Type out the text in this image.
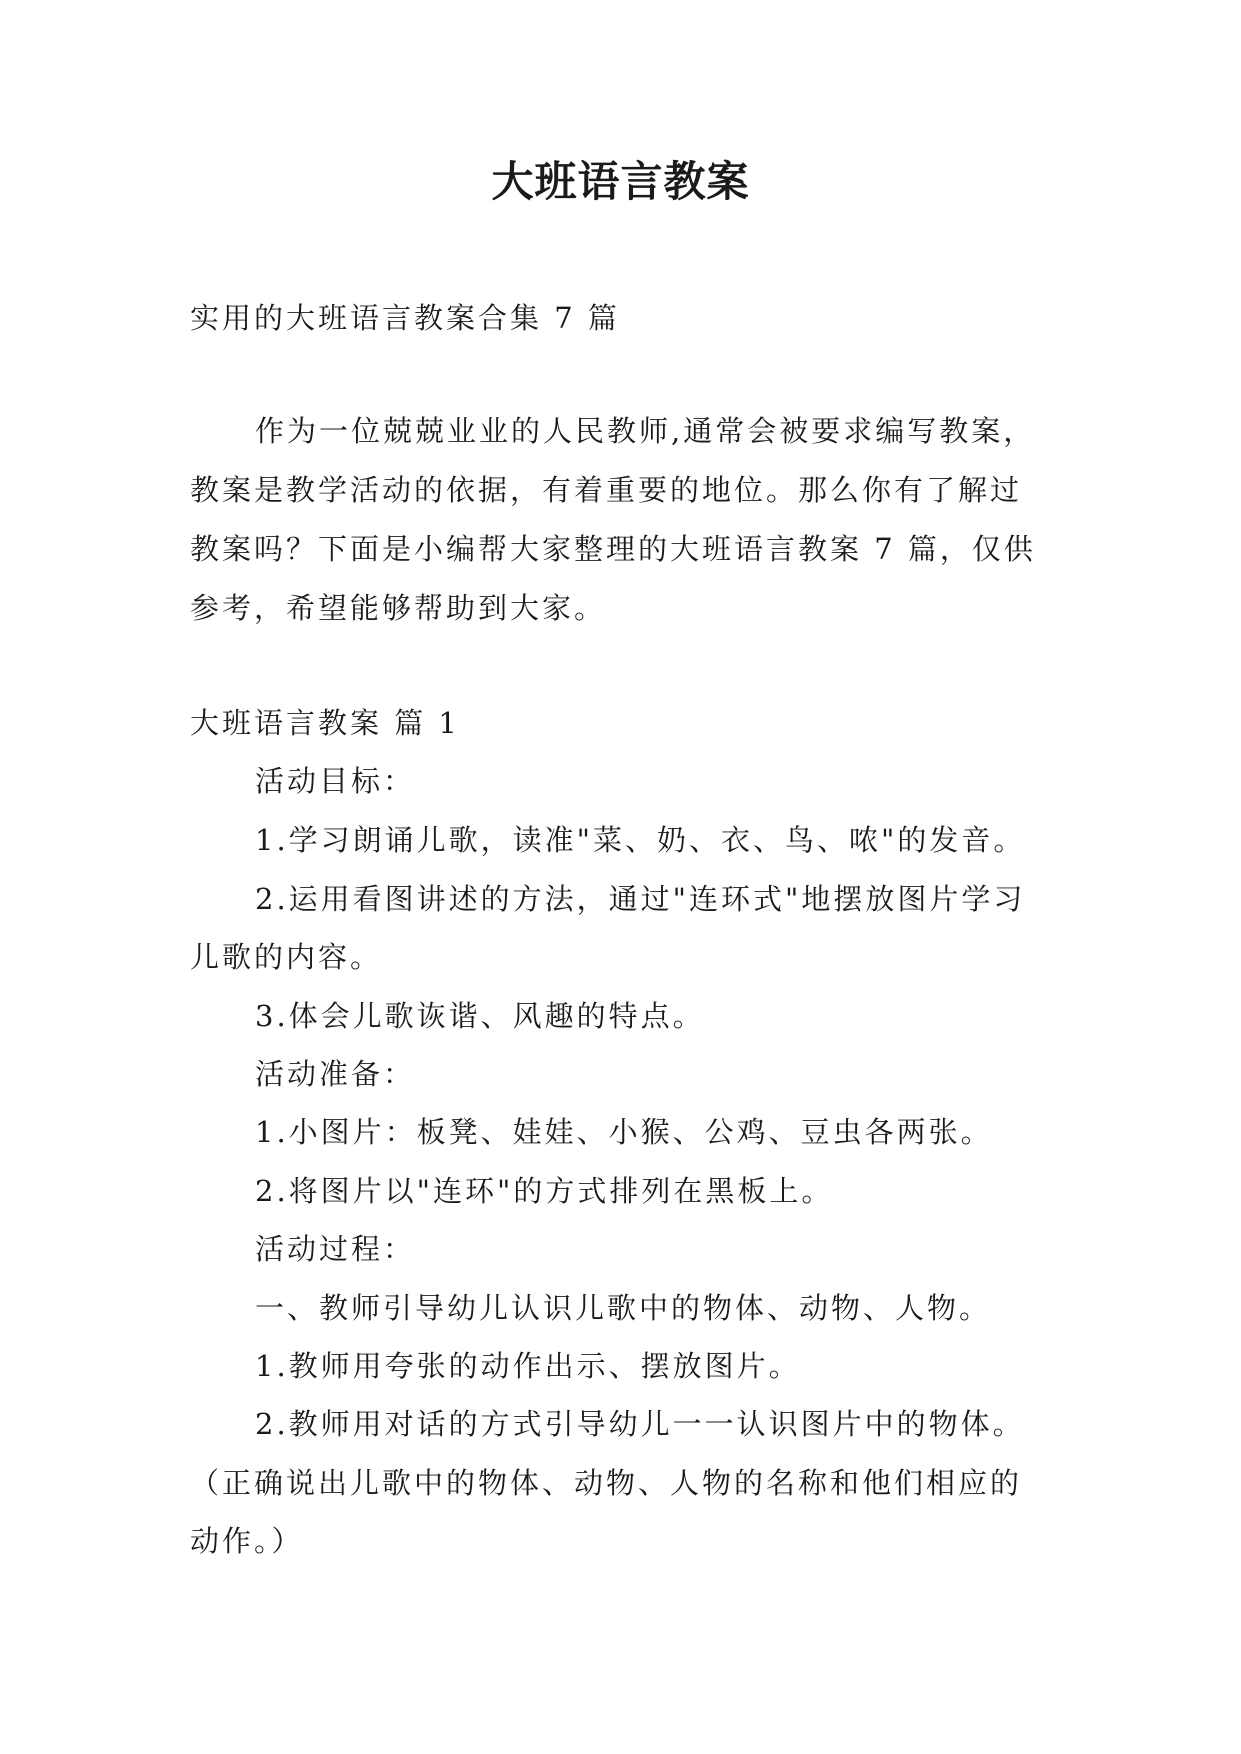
大班语言教案
实用的大班语言教案合集 7 篇
作为一位兢兢业业的人民教师,通常会被要求编写教案，
教案是教学活动的依据，有着重要的地位。那么你有了解过
教案吗？下面是小编帮大家整理的大班语言教案 7 篇，仅供
参考，希望能够帮助到大家。
大班语言教案 篇 1
活动目标：
1.学习朗诵儿歌，读准"菜、奶、衣、鸟、哝"的发音。
2.运用看图讲述的方法，通过"连环式"地摆放图片学习
儿歌的内容。
3.体会儿歌诙谐、风趣的特点。
活动准备：
1.小图片：板凳、娃娃、小猴、公鸡、豆虫各两张。
2.将图片以"连环"的方式排列在黑板上。
活动过程：
一、教师引导幼儿认识儿歌中的物体、动物、人物。
1.教师用夸张的动作出示、摆放图片。
2.教师用对话的方式引导幼儿一一认识图片中的物体。
（正确说出儿歌中的物体、动物、人物的名称和他们相应的
动作。）
